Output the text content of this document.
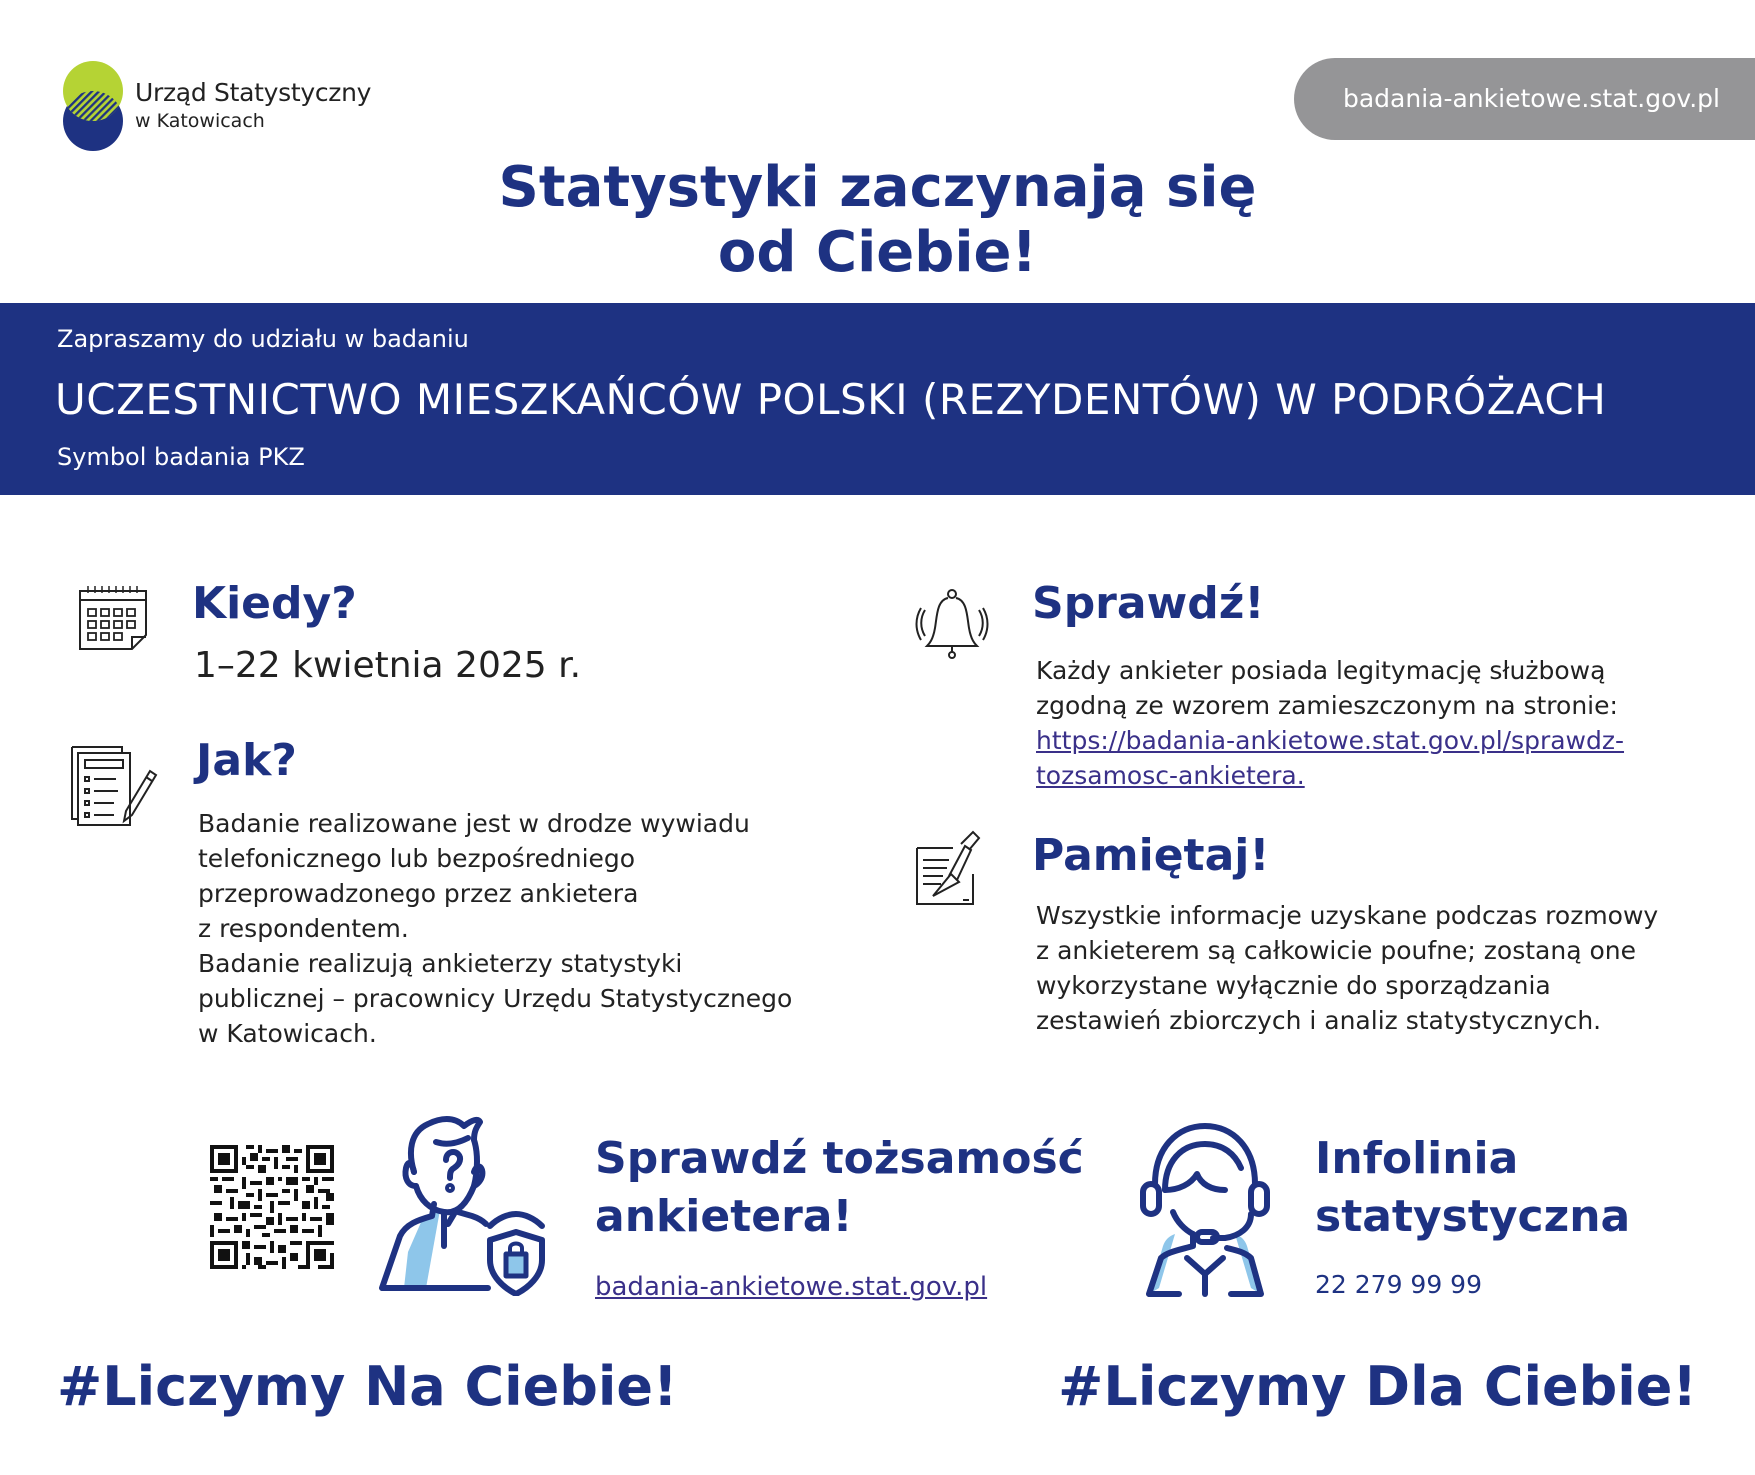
Urząd Statystyczny
w Katowicach
badania-ankietowe.stat.gov.pl
Statystyki zaczynają się
od Ciebie!
Zapraszamy do udziału w badaniu
UCZESTNICTWO MIESZKAŃCÓW POLSKI (REZYDENTÓW) W PODRÓŻACH
Symbol badania PKZ
Kiedy?
1–22 kwietnia 2025 r.
Jak?
Badanie realizowane jest w drodze wywiadu
telefonicznego lub bezpośredniego
przeprowadzonego przez ankietera
z respondentem.
Badanie realizują ankieterzy statystyki
publicznej – pracownicy Urzędu Statystycznego
w Katowicach.
Sprawdź!
Każdy ankieter posiada legitymację służbową
zgodną ze wzorem zamieszczonym na stronie:
https://badania-ankietowe.stat.gov.pl/sprawdz-
tozsamosc-ankietera.
Pamiętaj!
Wszystkie informacje uzyskane podczas rozmowy
z ankieterem są całkowicie poufne; zostaną one
wykorzystane wyłącznie do sporządzania
zestawień zbiorczych i analiz statystycznych.
Sprawdź tożsamość
ankietera!
badania-ankietowe.stat.gov.pl
Infolinia
statystyczna
22 279 99 99
#Liczymy Na Ciebie!	#Liczymy Dla Ciebie!
